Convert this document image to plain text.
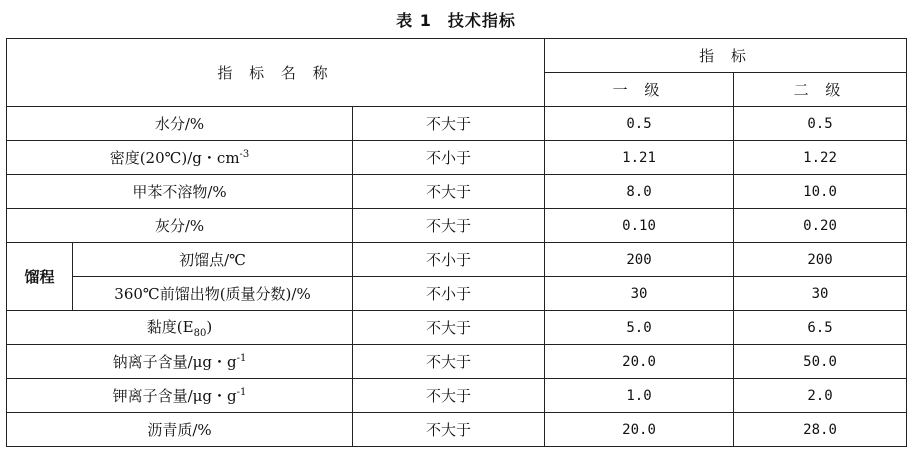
表 1 技术指标
指 标 名 称			指 标	
			一 级	二 级
水分/%		不大于	0.5	0.5
密度(20℃)/g・$cm^{-3}$		不小于	1.21	1.22
甲苯不溶物/%		不大于	8.0	10.0
灰分/%		不大于	0.10	0.20
馏程	初馏点/℃	不小于	200	200
	360℃前馏出物(质量分数)/%	不小于	30	30
黏度$(E_{80})$		不大于	5.0	6.5
钠离子含量/μg・$g^{-1}$		不大于	20.0	50.0
钾离子含量/μg・$g^{-1}$		不大于	1.0	2.0
沥青质/%		不大于	20.0	28.0
